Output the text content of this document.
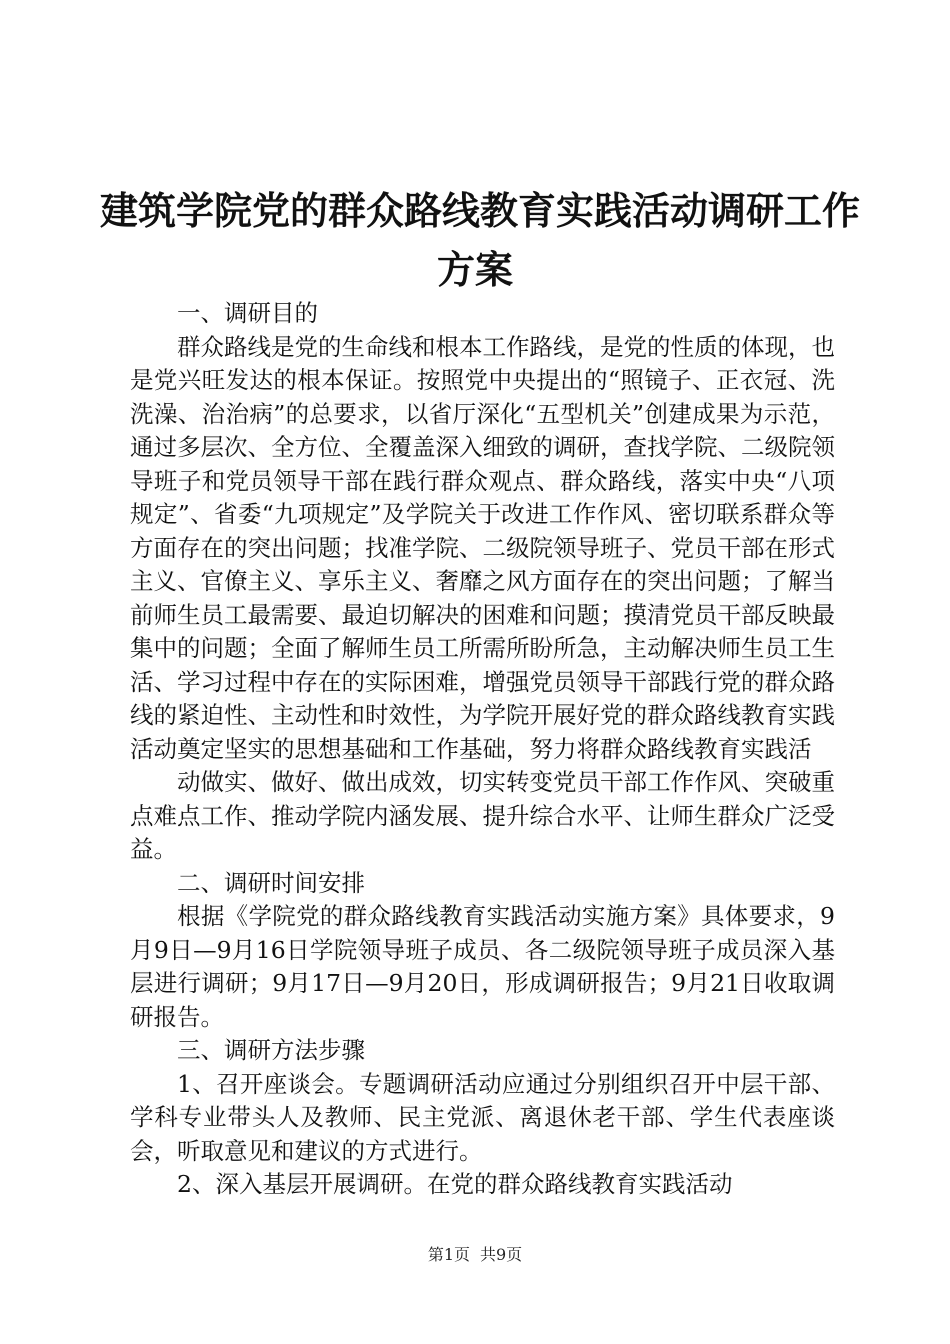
建筑学院党的群众路线教育实践活动调研工作
方案

一、调研目的

群众路线是党的生命线和根本工作路线，是党的性质的体现，也是党兴旺发达的根本保证。按照党中央提出的“照镜子、正衣冠、洗洗澡、治治病”的总要求，以省厅深化“五型机关”创建成果为示范，通过多层次、全方位、全覆盖深入细致的调研，查找学院、二级院领导班子和党员领导干部在践行群众观点、群众路线，落实中央“八项规定”、省委“九项规定”及学院关于改进工作作风、密切联系群众等方面存在的突出问题；找准学院、二级院领导班子、党员干部在形式主义、官僚主义、享乐主义、奢靡之风方面存在的突出问题；了解当前师生员工最需要、最迫切解决的困难和问题；摸清党员干部反映最集中的问题；全面了解师生员工所需所盼所急，主动解决师生员工生活、学习过程中存在的实际困难，增强党员领导干部践行党的群众路线的紧迫性、主动性和时效性，为学院开展好党的群众路线教育实践活动奠定坚实的思想基础和工作基础，努力将群众路线教育实践活

动做实、做好、做出成效，切实转变党员干部工作作风、突破重点难点工作、推动学院内涵发展、提升综合水平、让师生群众广泛受益。

二、调研时间安排

根据《学院党的群众路线教育实践活动实施方案》具体要求，9月9日—9月16日学院领导班子成员、各二级院领导班子成员深入基层进行调研；9月17日—9月20日，形成调研报告；9月21日收取调研报告。

三、调研方法步骤

1、召开座谈会。专题调研活动应通过分别组织召开中层干部、学科专业带头人及教师、民主党派、离退休老干部、学生代表座谈会，听取意见和建议的方式进行。

2、深入基层开展调研。在党的群众路线教育实践活动

第1页 共9页
